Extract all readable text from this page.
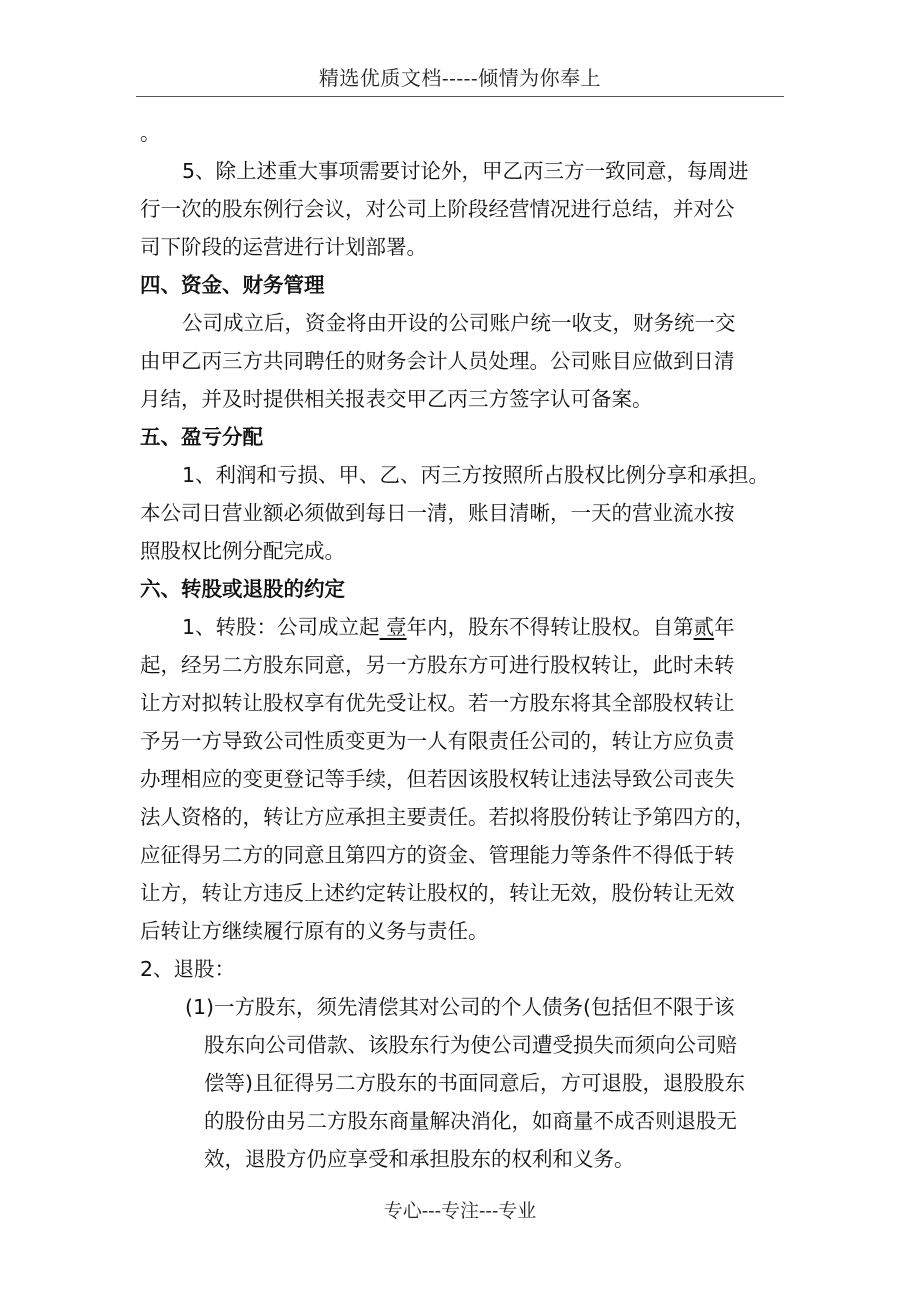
精选优质文档-----倾情为你奉上
。
5、除上述重大事项需要讨论外，甲乙丙三方一致同意，每周进
行一次的股东例行会议，对公司上阶段经营情况进行总结，并对公
司下阶段的运营进行计划部署。
四、资金、财务管理
公司成立后，资金将由开设的公司账户统一收支，财务统一交
由甲乙丙三方共同聘任的财务会计人员处理。公司账目应做到日清
月结，并及时提供相关报表交甲乙丙三方签字认可备案。
五、盈亏分配
1、利润和亏损、甲、乙、丙三方按照所占股权比例分享和承担。
本公司日营业额必须做到每日一清，账目清晰，一天的营业流水按
照股权比例分配完成。
六、转股或退股的约定
1、转股：公司成立起 壹年内，股东不得转让股权。自第贰年
起，经另二方股东同意，另一方股东方可进行股权转让，此时未转
让方对拟转让股权享有优先受让权。若一方股东将其全部股权转让
予另一方导致公司性质变更为一人有限责任公司的，转让方应负责
办理相应的变更登记等手续，但若因该股权转让违法导致公司丧失
法人资格的，转让方应承担主要责任。若拟将股份转让予第四方的，
应征得另二方的同意且第四方的资金、管理能力等条件不得低于转
让方，转让方违反上述约定转让股权的，转让无效，股份转让无效
后转让方继续履行原有的义务与责任。
2、退股：
(1)一方股东，须先清偿其对公司的个人债务(包括但不限于该
股东向公司借款、该股东行为使公司遭受损失而须向公司赔
偿等)且征得另二方股东的书面同意后，方可退股，退股股东
的股份由另二方股东商量解决消化，如商量不成否则退股无
效，退股方仍应享受和承担股东的权利和义务。
专心---专注---专业
